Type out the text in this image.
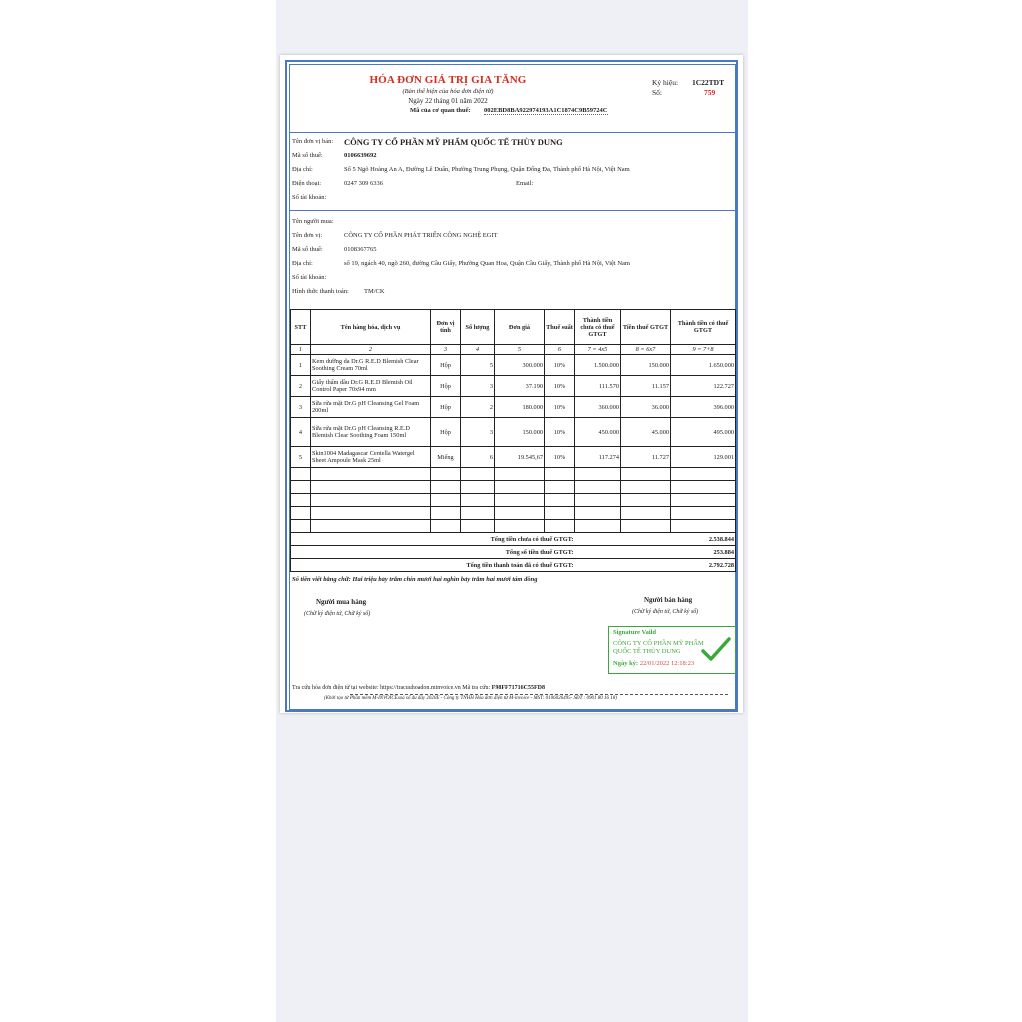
HÓA ĐƠN GIÁ TRỊ GIA TĂNG
(Bản thể hiện của hóa đơn điện tử)
Ngày 22 tháng 01 năm 2022
Mã của cơ quan thuế: 002EBD8BA922974193A1C1874C9B59724C
Ký hiệu: 1C22TDT
Số:	759
Tên đơn vị bán: CÔNG TY CỔ PHẦN MỸ PHẨM QUỐC TẾ THÙY DUNG
Mã số thuế:	0106639692
Địa chỉ:	Số 5 Ngõ Hoàng An A, Đường Lê Duẩn, Phường Trung Phụng, Quận Đống Đa, Thành phố Hà Nội, Việt Nam
Điện thoại:	0247 309 6336	Email:
Số tài khoản:
Tên người mua:
Tên đơn vị:	CÔNG TY CỔ PHẦN PHÁT TRIỂN CÔNG NGHỆ EGIT
Mã số thuế:	0108367765
Địa chỉ:	số 19, ngách 40, ngõ 260, đường Cầu Giấy, Phường Quan Hoa, Quận Cầu Giấy, Thành phố Hà Nội, Việt Nam
Số tài khoản:
Hình thức thanh toán: TM/CK
STT	Tên hàng hóa, dịch vụ	Đơn vị tính	Số lượng	Đơn giá	Thuế suất	Thành tiền chưa có thuế GTGT	Tiền thuế GTGT	Thành tiền có thuế GTGT
1	2	3	4	5	6	7 = 4x5	8 = 6x7	9 = 7+8
1	Kem dưỡng da Dr.G R.E.D Blemish Clear Soothing Cream 70ml	Hộp	5	300.000	10%	1.500.000	150.000	1.650.000
2	Giấy thấm dầu Dr.G R.E.D Blemish Oil Control Paper 70x94 mm	Hộp	3	37.190	10%	111.570	11.157	122.727
3	Sữa rửa mặt Dr.G pH Cleansing Gel Foam 200ml	Hộp	2	180.000	10%	360.000	36.000	396.000
4	Sữa rửa mặt Dr.G pH Cleansing R.E.D Blemish Clear Soothing Foam 150ml	Hộp	3	150.000	10%	450.000	45.000	495.000
5	Skin1004 Madagascar Centella Watergel Sheet Ampoule Mask 25ml	Miếng	6	19.545,67	10%	117.274	11.727	129.001

Tổng tiền chưa có thuế GTGT:						2.538.844		
Tổng số tiền thuế GTGT:						253.884		
Tổng tiền thanh toán đã có thuế GTGT:						2.792.728		
Số tiền viết bằng chữ: Hai triệu bảy trăm chín mươi hai nghìn bảy trăm hai mươi tám đồng
Người mua hàng
(Chữ ký điện tử, Chữ ký số)
Người bán hàng
(Chữ ký điện tử, Chữ ký số)
Signature Vaild
CÔNG TY CỔ PHẦN MỸ PHẨM QUỐC TẾ THÙY DUNG
Ngày ký: 22/01/2022 12:18:23
Tra cứu hóa đơn điện tử tại website: https://tracuuhoadon.minvoice.vn Mã tra cứu: F98FF71716C55FD8
(Khởi tạo từ Phần mềm M-INVOICEsoá số đu đây 2020E - Công ty TNHH Hóa đơn điện tử M-invoice - MST: 0106026495- SĐT : 0901 80 16 18)
